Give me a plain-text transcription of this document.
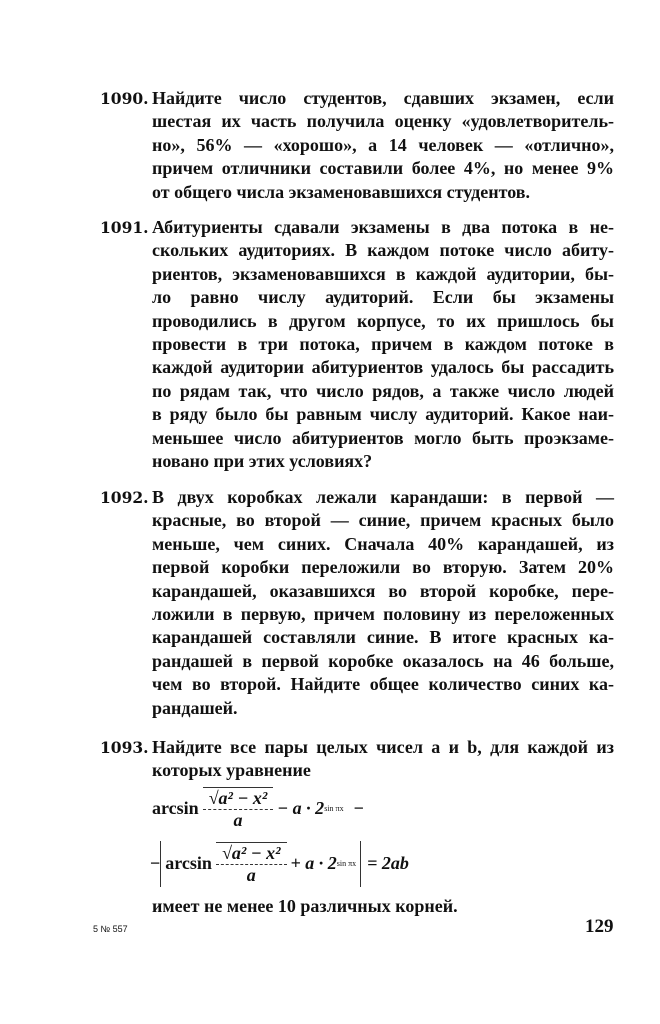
1090. Найдите число студентов, сдавших экзамен, если
шестая их часть получила оценку «удовлетворитель-
но», 56% — «хорошо», а 14 человек — «отлично»,
причем отличники составили более 4%, но менее 9%
от общего числа экзаменовавшихся студентов.
1091. Абитуриенты сдавали экзамены в два потока в не-
скольких аудиториях. В каждом потоке число абиту-
риентов, экзаменовавшихся в каждой аудитории, бы-
ло равно числу аудиторий. Если бы экзамены
проводились в другом корпусе, то их пришлось бы
провести в три потока, причем в каждом потоке в
каждой аудитории абитуриентов удалось бы рассадить
по рядам так, что число рядов, а также число людей
в ряду было бы равным числу аудиторий. Какое наи-
меньшее число абитуриентов могло быть проэкзаме-
новано при этих условиях?
1092. В двух коробках лежали карандаши: в первой —
красные, во второй — синие, причем красных было
меньше, чем синих. Сначала 40% карандашей, из
первой коробки переложили во вторую. Затем 20%
карандашей, оказавшихся во второй коробке, пере-
ложили в первую, причем половину из переложенных
карандашей составляли синие. В итоге красных ка-
рандашей в первой коробке оказалось на 46 больше,
чем во второй. Найдите общее количество синих ка-
рандашей.
1093. Найдите все пары целых чисел a и b, для каждой из
которых уравнение
$\arcsin \frac{\text{√a² − x²}}{a} - a \cdot 2$ sin πx −
− $\arcsin \frac{\text{√a² − x²}}{a} + a \cdot 2$ sin πx = 2ab
имеет не менее 10 различных корней.
5 № 557	129
